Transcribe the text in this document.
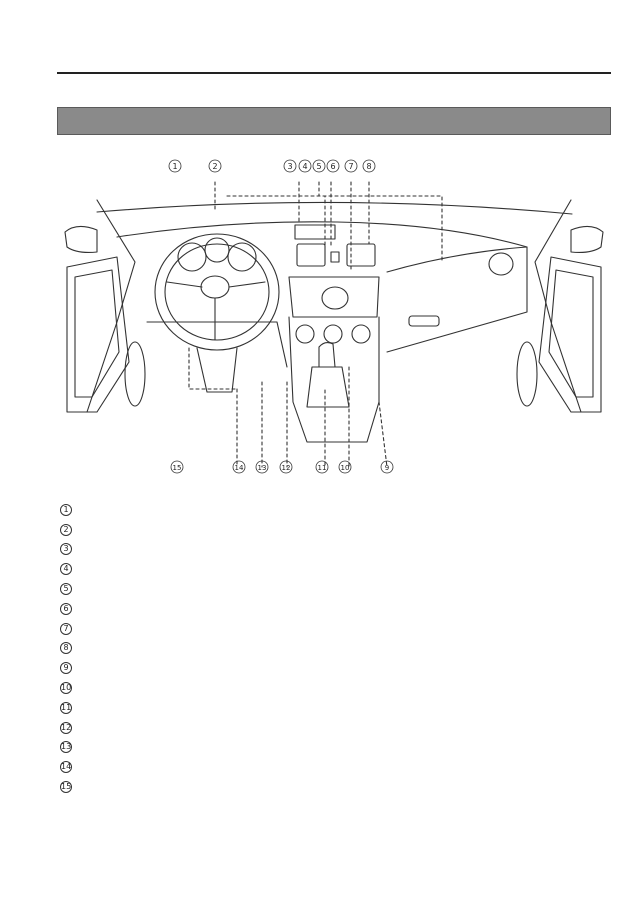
1	2	3 4 5 6 7 8
15	14 13 12	11 10	9
1
2
3
4
5
6
7
8
9
10
11
12
13
14
15
